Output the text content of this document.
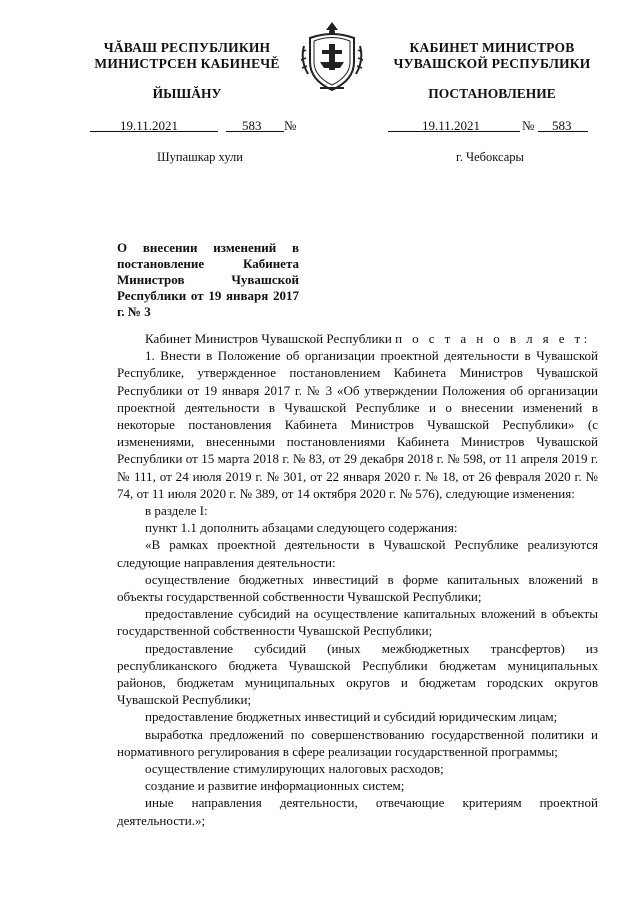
ЧĂВАШ РЕСПУБЛИКИН
МИНИСТРСЕН КАБИНЕЧĚ
ЙЫШĂНУ
КАБИНЕТ МИНИСТРОВ
ЧУВАШСКОЙ РЕСПУБЛИКИ
ПОСТАНОВЛЕНИЕ
19.11.2021	583 №	19.11.2021	№ 583
Шупашкар хули	г. Чебоксары
О внесении изменений в постановление Кабинета Министров Чувашской Республики от 19 января 2017 г. № 3

Кабинет Министров Чувашской Республики п о с т а н о в л я е т:

1. Внести в Положение об организации проектной деятельности в Чувашской Республике, утвержденное постановлением Кабинета Министров Чувашской Республики от 19 января 2017 г. № 3 «Об утверждении Положения об организации проектной деятельности в Чувашской Республике и о внесении изменений в некоторые постановления Кабинета Министров Чувашской Республики» (с изменениями, внесенными постановлениями Кабинета Министров Чувашской Республики от 15 марта 2018 г. № 83, от 29 декабря 2018 г. № 598, от 11 апреля 2019 г. № 111, от 24 июля 2019 г. № 301, от 22 января 2020 г. № 18, от 26 февраля 2020 г. № 74, от 11 июля 2020 г. № 389, от 14 октября 2020 г. № 576), следующие изменения:

в разделе I:

пункт 1.1 дополнить абзацами следующего содержания:

«В рамках проектной деятельности в Чувашской Республике реализуются следующие направления деятельности:

осуществление бюджетных инвестиций в форме капитальных вложений в объекты государственной собственности Чувашской Республики;

предоставление субсидий на осуществление капитальных вложений в объекты государственной собственности Чувашской Республики;

предоставление субсидий (иных межбюджетных трансфертов) из республиканского бюджета Чувашской Республики бюджетам муниципальных районов, бюджетам муниципальных округов и бюджетам городских округов Чувашской Республики;

предоставление бюджетных инвестиций и субсидий юридическим лицам;

выработка предложений по совершенствованию государственной политики и нормативного регулирования в сфере реализации государственной программы;

осуществление стимулирующих налоговых расходов;

создание и развитие информационных систем;

иные направления деятельности, отвечающие критериям проектной деятельности.»;
